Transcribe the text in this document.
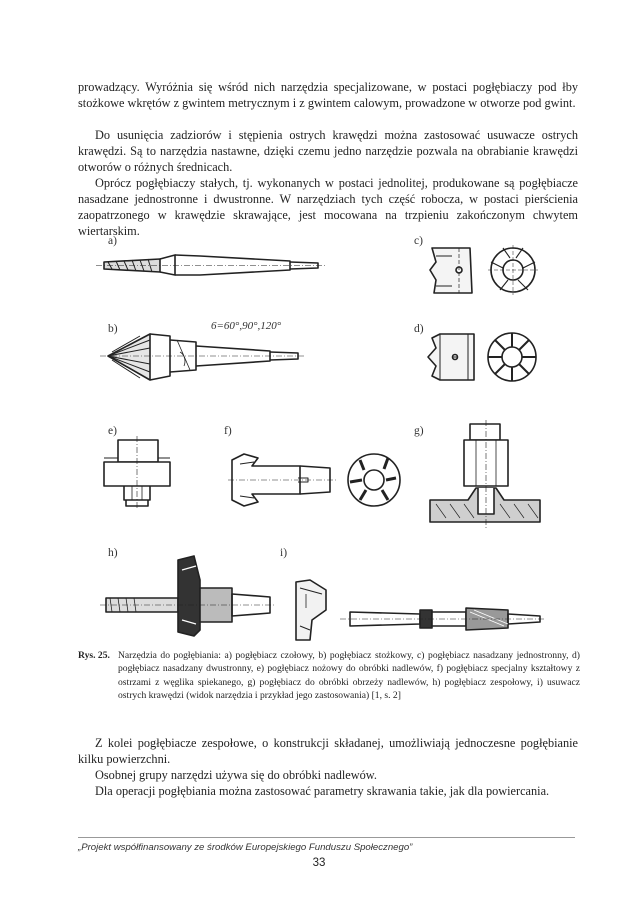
prowadzący. Wyróżnia się wśród nich narzędzia specjalizowane, w postaci pogłębiaczy pod łby stożkowe wkrętów z gwintem metrycznym i z gwintem calowym, prowadzone w otworze pod gwint.

Do usunięcia zadziorów i stępienia ostrych krawędzi można zastosować usuwacze ostrych krawędzi. Są to narzędzia nastawne, dzięki czemu jedno narzędzie pozwala na obrabianie krawędzi otworów o różnych średnicach.

Oprócz pogłębiaczy stałych, tj. wykonanych w postaci jednolitej, produkowane są pogłębiacze nasadzane jednostronne i dwustronne. W narzędziach tych część robocza, w postaci pierścienia zaopatrzonego w krawędzie skrawające, jest mocowana na trzpieniu zakończonym chwytem wiertarskim.

a)	c)
b)	d)
e)	f)	g)
h)	i)
6=60°,90°,120°
Rys. 25. Narzędzia do pogłębiania: a) pogłębiacz czołowy, b) pogłębiacz stożkowy, c) pogłębiacz nasadzany jednostronny, d) pogłębiacz nasadzany dwustronny, e) pogłębiacz nożowy do obróbki nadlewów, f) pogłębiacz specjalny kształtowy z ostrzami z węglika spiekanego, g) pogłębiacz do obróbki obrzeży nadlewów, h) pogłębiacz zespołowy, i) usuwacz ostrych krawędzi (widok narzędzia i przykład jego zastosowania) [1, s. 2]

Z kolei pogłębiacze zespołowe, o konstrukcji składanej, umożliwiają jednoczesne pogłębianie kilku powierzchni.

Osobnej grupy narzędzi używa się do obróbki nadlewów.

Dla operacji pogłębiania można zastosować parametry skrawania takie, jak dla powiercania.

„Projekt współfinansowany ze środków Europejskiego Funduszu Społecznego”
33
